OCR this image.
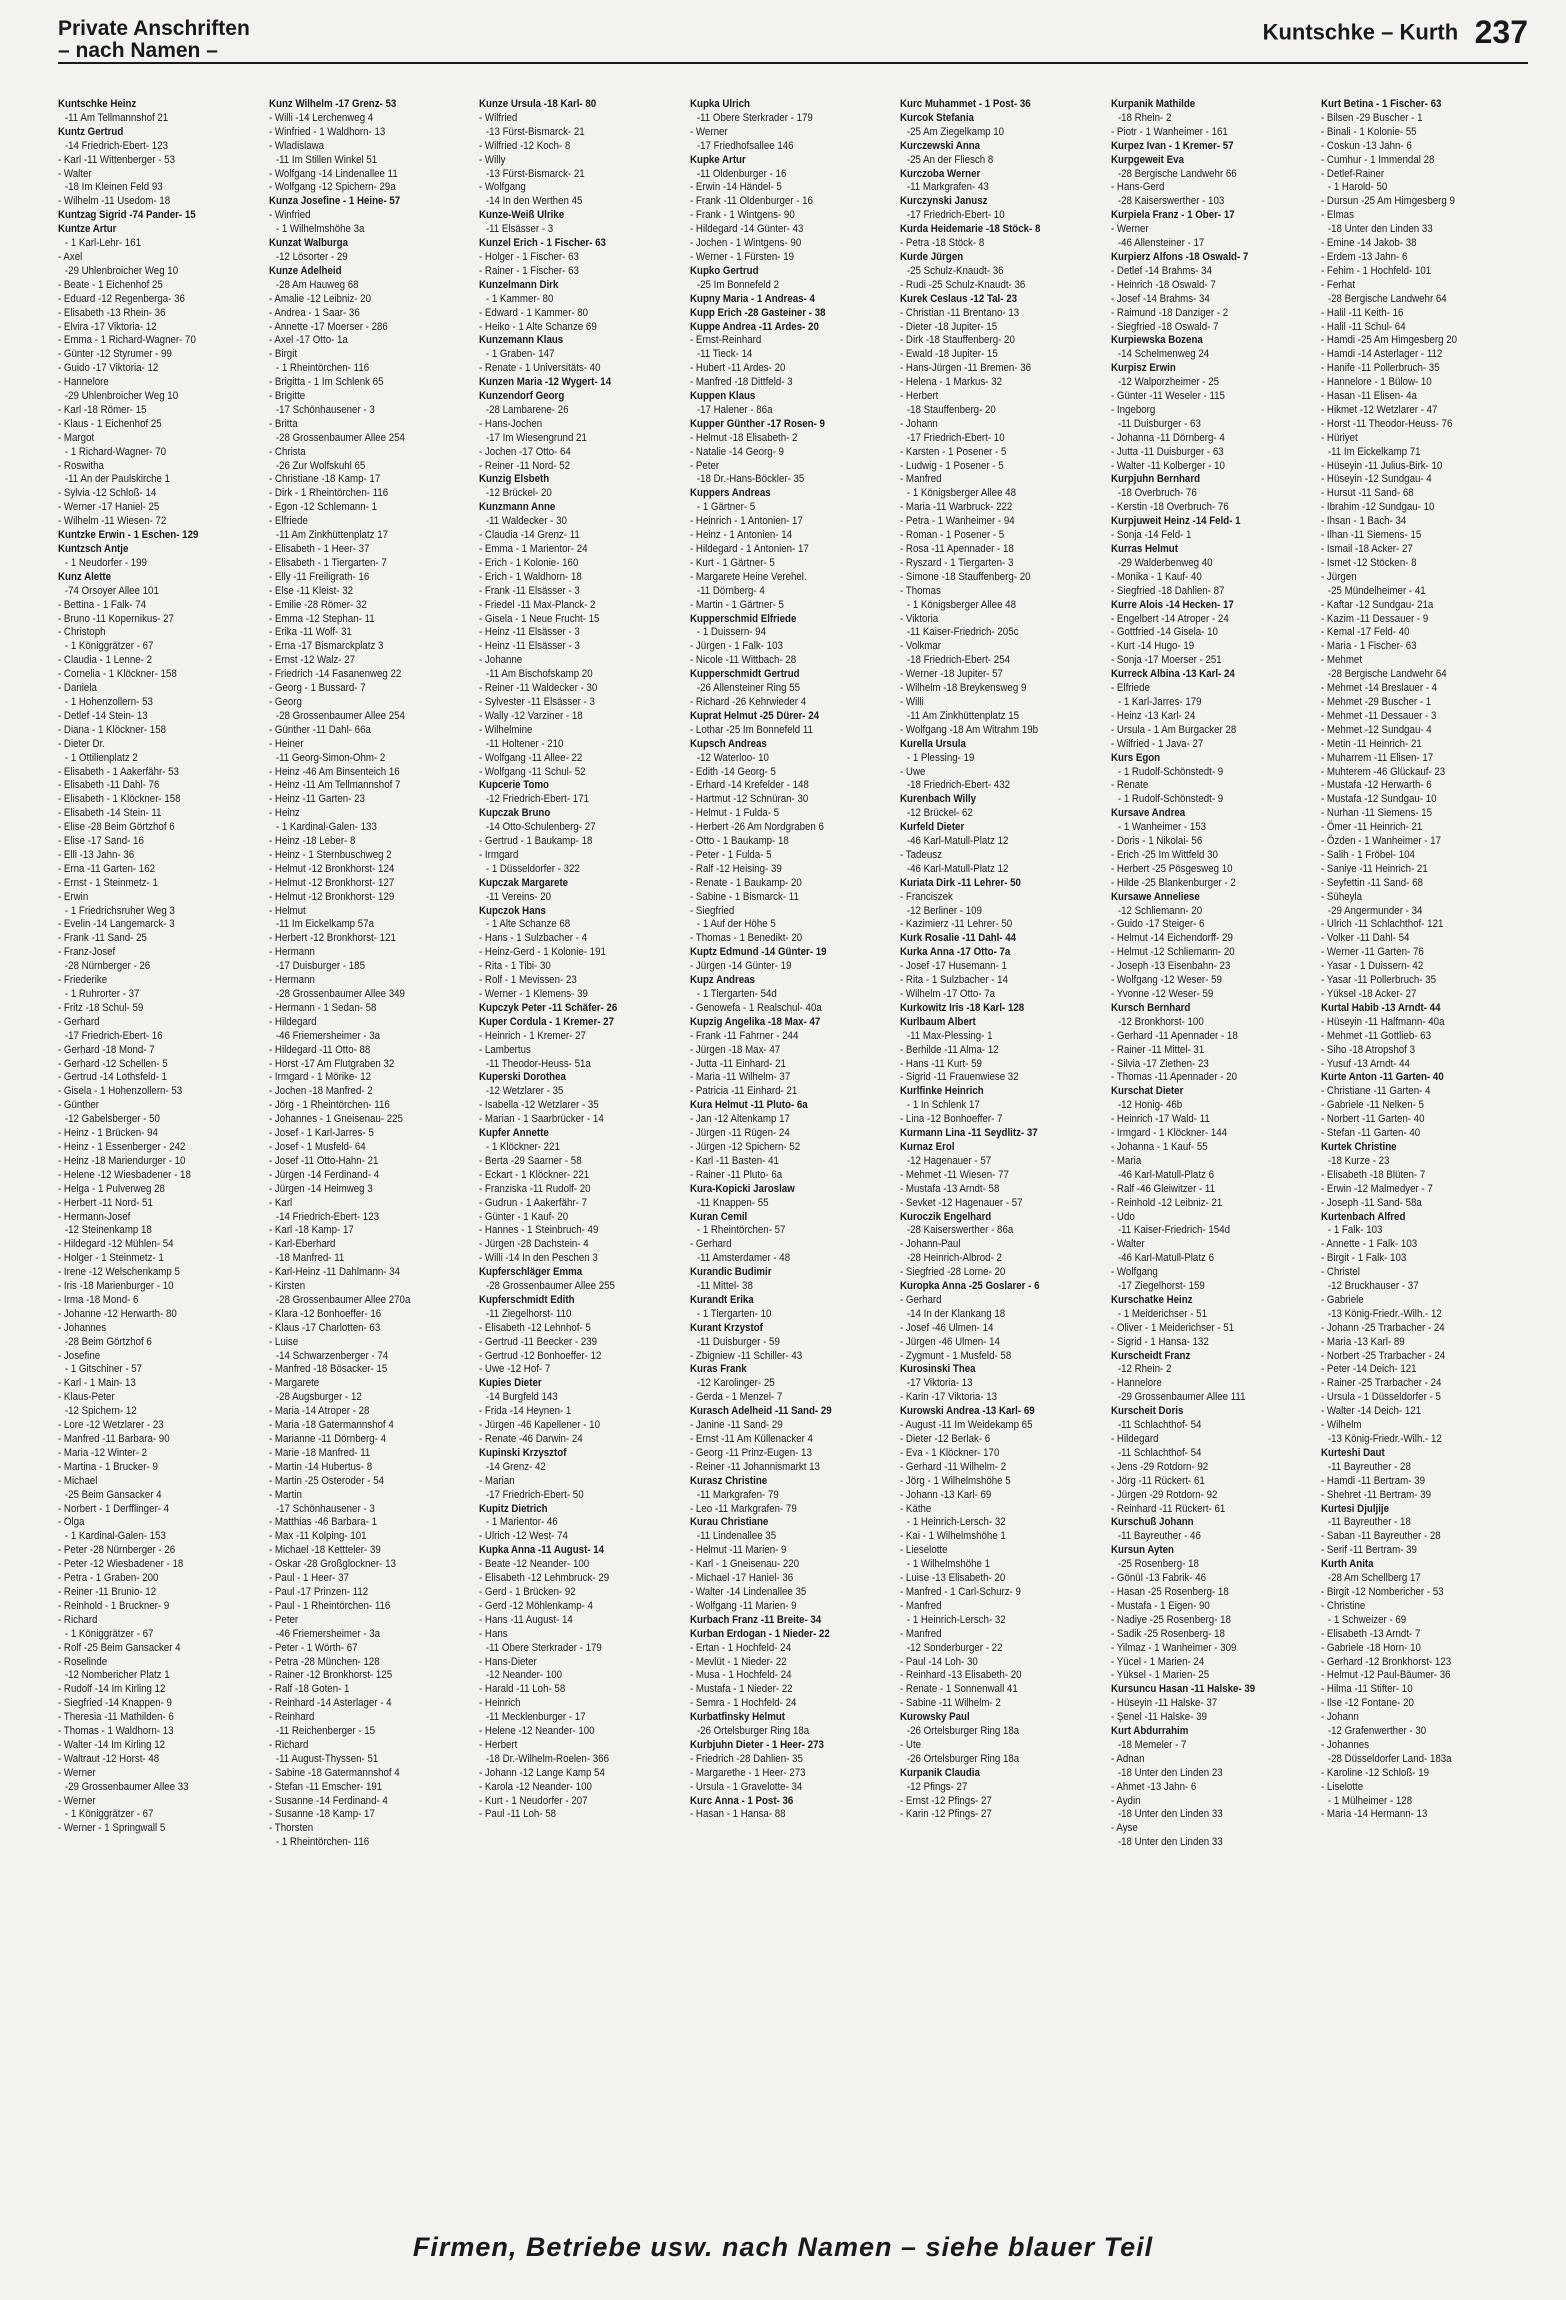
Private Anschriften
– nach Namen –
Kuntschke – Kurth 237
Kuntschke Heinz
-11 Am Tellmannshof 21
Kuntz Gertrud
-14 Friedrich-Ebert- 123
- Karl -11 Wittenberger - 53
- Walter
-18 Im Kleinen Feld 93
- Wilhelm -11 Usedom- 18
Kuntzag Sigrid -74 Pander- 15
Kuntze Artur
- 1 Karl-Lehr- 161
- Axel
-29 Uhlenbroicher Weg 10
- Beate - 1 Eichenhof 25
- Eduard -12 Regenberga- 36
- Elisabeth -13 Rhein- 36
- Elvira -17 Viktoria- 12
- Emma - 1 Richard-Wagner- 70
- Günter -12 Styrumer - 99
- Guido -17 Viktoria- 12
- Hannelore
-29 Uhlenbroicher Weg 10
- Karl -18 Römer- 15
- Klaus - 1 Eichenhof 25
- Margot
- 1 Richard-Wagner- 70
- Roswitha
-11 An der Paulskirche 1
- Sylvia -12 Schloß- 14
- Werner -17 Haniel- 25
- Wilhelm -11 Wiesen- 72
Kuntzke Erwin - 1 Eschen- 129
Kuntzsch Antje
- 1 Neudorfer - 199
Kunz Alette
-74 Orsoyer Allee 101
- Bettina - 1 Falk- 74
- Bruno -11 Kopernikus- 27
- Christoph
- 1 Königgrätzer - 67
- Claudia - 1 Lenne- 2
- Cornelia - 1 Klöckner- 158
- Daniela
- 1 Hohenzollern- 53
- Detlef -14 Stein- 13
- Diana - 1 Klöckner- 158
- Dieter Dr.
- 1 Ottilienplatz 2
- Elisabeth - 1 Aakerfähr- 53
- Elisabeth -11 Dahl- 76
- Elisabeth - 1 Klöckner- 158
- Elisabeth -14 Stein- 11
- Elise -28 Beim Görtzhof 6
- Elise -17 Sand- 16
- Elli -13 Jahn- 36
- Erna -11 Garten- 162
- Ernst - 1 Steinmetz- 1
- Erwin
- 1 Friedrichsruher Weg 3
- Evelin -14 Langemarck- 3
- Frank -11 Sand- 25
- Franz-Josef
-28 Nürnberger - 26
- Friederike
- 1 Ruhrorter - 37
- Fritz -18 Schul- 59
- Gerhard
-17 Friedrich-Ebert- 16
- Gerhard -18 Mond- 7
- Gerhard -12 Schellen- 5
- Gertrud -14 Lothsfeld- 1
- Gisela - 1 Hohenzollern- 53
- Günther
-12 Gabelsberger - 50
- Heinz - 1 Brücken- 94
- Heinz - 1 Essenberger - 242
- Heinz -18 Mariendurger - 10
- Helene -12 Wiesbadener - 18
- Helga - 1 Pulverweg 28
- Herbert -11 Nord- 51
- Hermann-Josef
-12 Steinenkamp 18
- Hildegard -12 Mühlen- 54
- Holger - 1 Steinmetz- 1
- Irene -12 Welschenkamp 5
- Iris -18 Marienburger - 10
- Irma -18 Mond- 6
- Johanne -12 Herwarth- 80
- Johannes
-28 Beim Görtzhof 6
- Josefine
- 1 Gitschiner - 57
- Karl - 1 Main- 13
- Klaus-Peter
-12 Spichern- 12
- Lore -12 Wetzlarer - 23
- Manfred -11 Barbara- 90
- Maria -12 Winter- 2
- Martina - 1 Brucker- 9
- Michael
-25 Beim Gansacker 4
- Norbert - 1 Derfflinger- 4
- Olga
- 1 Kardinal-Galen- 153
- Peter -28 Nürnberger - 26
- Peter -12 Wiesbadener - 18
- Petra - 1 Graben- 200
- Reiner -11 Brunio- 12
- Reinhold - 1 Bruckner- 9
- Richard
- 1 Königgrätzer - 67
- Rolf -25 Beim Gansacker 4
- Roselinde
-12 Nombericher Platz 1
- Rudolf -14 Im Kirling 12
- Siegfried -14 Knappen- 9
- Theresia -11 Mathilden- 6
- Thomas - 1 Waldhorn- 13
- Walter -14 Im Kirling 12
- Waltraut -12 Horst- 48
- Werner
-29 Grossenbaumer Allee 33
- Werner
- 1 Königgrätzer - 67
- Werner - 1 Springwall 5
Kunz Wilhelm -17 Grenz- 53
- Willi -14 Lerchenweg 4
- Winfried - 1 Waldhorn- 13
- Wladislawa
-11 Im Stillen Winkel 51
- Wolfgang -14 Lindenallee 11
- Wolfgang -12 Spichern- 29a
Kunza Josefine - 1 Heine- 57
- Winfried
- 1 Wilhelmshöhe 3a
Kunzat Walburga
-12 Lösorter - 29
Kunze Adelheid
-28 Am Hauweg 68
- Amalie -12 Leibniz- 20
- Andrea - 1 Saar- 36
- Annette -17 Moerser - 286
- Axel -17 Otto- 1a
- Birgit
- 1 Rheintörchen- 116
- Brigitta - 1 Im Schlenk 65
- Brigitte
-17 Schönhausener - 3
- Britta
-28 Grossenbaumer Allee 254
- Christa
-26 Zur Wolfskuhl 65
- Christiane -18 Kamp- 17
- Dirk - 1 Rheintörchen- 116
- Egon -12 Schlemann- 1
- Elfriede
-11 Am Zinkhüttenplatz 17
- Elisabeth - 1 Heer- 37
- Elisabeth - 1 Tiergarten- 7
- Elly -11 Freiligrath- 16
- Else -11 Kleist- 32
- Emilie -28 Römer- 32
- Emma -12 Stephan- 11
- Erika -11 Wolf- 31
- Erna -17 Bismarckplatz 3
- Ernst -12 Walz- 27
- Friedrich -14 Fasanenweg 22
- Georg - 1 Bussard- 7
- Georg
-28 Grossenbaumer Allee 254
- Günther -11 Dahl- 66a
- Heiner
-11 Georg-Simon-Ohm- 2
- Heinz -46 Am Binsenteich 16
- Heinz -11 Am Tellmannshof 7
- Heinz -11 Garten- 23
- Heinz
- 1 Kardinal-Galen- 133
- Heinz -18 Leber- 8
- Heinz - 1 Sternbuschweg 2
- Helmut -12 Bronkhorst- 124
- Helmut -12 Bronkhorst- 127
- Helmut -12 Bronkhorst- 129
- Helmut
-11 Im Eickelkamp 57a
- Herbert -12 Bronkhorst- 121
- Hermann
-17 Duisburger - 185
- Hermann
-28 Grossenbaumer Allee 349
- Hermann - 1 Sedan- 58
- Hildegard
-46 Friemersheimer - 3a
- Hildegard -11 Otto- 88
- Horst -17 Am Flutgraben 32
- Irmgard - 1 Mörike- 12
- Jochen -18 Manfred- 2
- Jörg - 1 Rheintörchen- 116
- Johannes - 1 Gneisenau- 225
- Josef - 1 Karl-Jarres- 5
- Josef - 1 Musfeld- 64
- Josef -11 Otto-Hahn- 21
- Jürgen -14 Ferdinand- 4
- Jürgen -14 Heimweg 3
- Karl
-14 Friedrich-Ebert- 123
- Karl -18 Kamp- 17
- Karl-Eberhard
-18 Manfred- 11
- Karl-Heinz -11 Dahlmann- 34
- Kirsten
-28 Grossenbaumer Allee 270a
- Klara -12 Bonhoeffer- 16
- Klaus -17 Charlotten- 63
- Luise
-14 Schwarzenberger - 74
- Manfred -18 Bösacker- 15
- Margarete
-28 Augsburger - 12
- Maria -14 Atroper - 28
- Maria -18 Gatermannshof 4
- Marianne -11 Dörnberg- 4
- Marie -18 Manfred- 11
- Martin -14 Hubertus- 8
- Martin -25 Osteroder - 54
- Martin
-17 Schönhausener - 3
- Matthias -46 Barbara- 1
- Max -11 Kolping- 101
- Michael -18 Kettteler- 39
- Oskar -28 Großglockner- 13
- Paul - 1 Heer- 37
- Paul -17 Prinzen- 112
- Paul - 1 Rheintörchen- 116
- Peter
-46 Friemersheimer - 3a
- Peter - 1 Wörth- 67
- Petra -28 München- 128
- Rainer -12 Bronkhorst- 125
- Ralf -18 Goten- 1
- Reinhard -14 Asterlager - 4
- Reinhard
-11 Reichenberger - 15
- Richard
-11 August-Thyssen- 51
- Sabine -18 Gatermannshof 4
- Stefan -11 Emscher- 191
- Susanne -14 Ferdinand- 4
- Susanne -18 Kamp- 17
- Thorsten
- 1 Rheintörchen- 116
Kunze Ursula -18 Karl- 80
- Wilfried
-13 Fürst-Bismarck- 21
- Wilfried -12 Koch- 8
- Willy
-13 Fürst-Bismarck- 21
- Wolfgang
-14 In den Werthen 45
Kunze-Weiß Ulrike
-11 Elsässer - 3
Kunzel Erich - 1 Fischer- 63
- Holger - 1 Fischer- 63
- Rainer - 1 Fischer- 63
Kunzelmann Dirk
- 1 Kammer- 80
- Edward - 1 Kammer- 80
- Heiko - 1 Alte Schanze 69
Kunzemann Klaus
- 1 Graben- 147
- Renate - 1 Universitäts- 40
Kunzen Maria -12 Wygert- 14
Kunzendorf Georg
-28 Lambarene- 26
- Hans-Jochen
-17 Im Wiesengrund 21
- Jochen -17 Otto- 64
- Reiner -11 Nord- 52
Kunzig Elsbeth
-12 Brückel- 20
Kunzmann Anne
-11 Waldecker - 30
- Claudia -14 Grenz- 11
- Emma - 1 Marientor- 24
- Erich - 1 Kolonie- 160
- Erich - 1 Waldhorn- 18
- Frank -11 Elsässer - 3
- Friedel -11 Max-Planck- 2
- Gisela - 1 Neue Frucht- 15
- Heinz -11 Elsässer - 3
- Heinz -11 Elsässer - 3
- Johanne
-11 Am Bischofskamp 20
- Reiner -11 Waldecker - 30
- Sylvester -11 Elsässer - 3
- Wally -12 Varziner - 18
- Wilhelmine
-11 Holtener - 210
- Wolfgang -11 Allee- 22
- Wolfgang -11 Schul- 52
Kupcerie Tomo
-12 Friedrich-Ebert- 171
Kupczak Bruno
-14 Otto-Schulenberg- 27
- Gertrud - 1 Baukamp- 18
- Irmgard
- 1 Düsseldorfer - 322
Kupczak Margarete
-11 Vereins- 20
Kupczok Hans
- 1 Alte Schanze 68
- Hans - 1 Sulzbacher - 4
- Heinz-Gerd - 1 Kolonie- 191
- Rita - 1 Tibi- 30
- Rolf - 1 Mevissen- 23
- Werner - 1 Klemens- 39
Kupczyk Peter -11 Schäfer- 26
Kuper Cordula - 1 Kremer- 27
- Heinrich - 1 Kremer- 27
- Lambertus
-11 Theodor-Heuss- 51a
Kuperski Dorothea
-12 Wetzlarer - 35
- Isabella -12 Wetzlarer - 35
- Marian - 1 Saarbrücker - 14
Kupfer Annette
- 1 Klöckner- 221
- Berta -29 Saarner - 58
- Eckart - 1 Klöckner- 221
- Franziska -11 Rudolf- 20
- Gudrun - 1 Aakerfähr- 7
- Günter - 1 Kauf- 20
- Hannes - 1 Steinbruch- 49
- Jürgen -28 Dachstein- 4
- Willi -14 In den Peschen 3
Kupferschläger Emma
-28 Grossenbaumer Allee 255
Kupferschmidt Edith
-11 Ziegelhorst- 110
- Elisabeth -12 Lehnhof- 5
- Gertrud -11 Beecker - 239
- Gertrud -12 Bonhoeffer- 12
- Uwe -12 Hof- 7
Kupies Dieter
-14 Burgfeld 143
- Frida -14 Heynen- 1
- Jürgen -46 Kapellener - 10
- Renate -46 Darwin- 24
Kupinski Krzysztof
-14 Grenz- 42
- Marian
-17 Friedrich-Ebert- 50
Kupitz Dietrich
- 1 Marientor- 46
- Ulrich -12 West- 74
Kupka Anna -11 August- 14
- Beate -12 Neander- 100
- Elisabeth -12 Lehmbruck- 29
- Gerd - 1 Brücken- 92
- Gerd -12 Möhlenkamp- 4
- Hans -11 August- 14
- Hans
-11 Obere Sterkrader - 179
- Hans-Dieter
-12 Neander- 100
- Harald -11 Loh- 58
- Heinrich
-11 Mecklenburger - 17
- Helene -12 Neander- 100
- Herbert
-18 Dr.-Wilhelm-Roelen- 366
- Johann -12 Lange Kamp 54
- Karola -12 Neander- 100
- Kurt - 1 Neudorfer - 207
- Paul -11 Loh- 58
Kupka Ulrich
-11 Obere Sterkrader - 179
- Werner
-17 Friedhofsallee 146
Kupke Artur
-11 Oldenburger - 16
- Erwin -14 Händel- 5
- Frank -11 Oldenburger - 16
- Frank - 1 Wintgens- 90
- Hildegard -14 Günter- 43
- Jochen - 1 Wintgens- 90
- Werner - 1 Fürsten- 19
Kupko Gertrud
-25 Im Bonnefeld 2
Kupny Maria - 1 Andreas- 4
Kupp Erich -28 Gasteiner - 38
Kuppe Andrea -11 Ardes- 20
- Ernst-Reinhard
-11 Tieck- 14
- Hubert -11 Ardes- 20
- Manfred -18 Dittfeld- 3
Kuppen Klaus
-17 Halener - 86a
Kupper Günther -17 Rosen- 9
- Helmut -18 Elisabeth- 2
- Natalie -14 Georg- 9
- Peter
-18 Dr.-Hans-Böckler- 35
Kuppers Andreas
- 1 Gärtner- 5
- Heinrich - 1 Antonien- 17
- Heinz - 1 Antonien- 14
- Hildegard - 1 Antonien- 17
- Kurt - 1 Gärtner- 5
- Margarete Heine Verehel.
-11 Dörnberg- 4
- Martin - 1 Gärtner- 5
Kupperschmid Elfriede
- 1 Duissern- 94
- Jürgen - 1 Falk- 103
- Nicole -11 Wittbach- 28
Kupperschmidt Gertrud
-26 Allensteiner Ring 55
- Richard -26 Kehrwieder 4
Kuprat Helmut -25 Dürer- 24
- Lothar -25 Im Bonnefeld 11
Kupsch Andreas
-12 Waterloo- 10
- Edith -14 Georg- 5
- Erhard -14 Krefelder - 148
- Hartmut -12 Schnüran- 30
- Helmut - 1 Fulda- 5
- Herbert -26 Am Nordgraben 6
- Otto - 1 Baukamp- 18
- Peter - 1 Fulda- 5
- Ralf -12 Heising- 39
- Renate - 1 Baukamp- 20
- Sabine - 1 Bismarck- 11
- Siegfried
- 1 Auf der Höhe 5
- Thomas - 1 Benedikt- 20
Kuptz Edmund -14 Günter- 19
- Jürgen -14 Günter- 19
Kupz Andreas
- 1 Tiergarten- 54d
- Genowefa - 1 Realschul- 40a
Kupzig Angelika -18 Max- 47
- Frank -11 Fahrner - 244
- Jürgen -18 Max- 47
- Jutta -11 Einhard- 21
- Maria -11 Wilhelm- 37
- Patricia -11 Einhard- 21
Kura Helmut -11 Pluto- 6a
- Jan -12 Altenkamp 17
- Jürgen -11 Rügen- 24
- Jürgen -12 Spichern- 52
- Karl -11 Basten- 41
- Rainer -11 Pluto- 6a
Kura-Kopicki Jaroslaw
-11 Knappen- 55
Kuran Cemil
- 1 Rheintörchen- 57
- Gerhard
-11 Amsterdamer - 48
Kurandic Budimir
-11 Mittel- 38
Kurandt Erika
- 1 Tiergarten- 10
Kurant Krzystof
-11 Duisburger - 59
- Zbigniew -11 Schiller- 43
Kuras Frank
-12 Karolinger- 25
- Gerda - 1 Menzel- 7
Kurasch Adelheid -11 Sand- 29
- Janine -11 Sand- 29
- Ernst -11 Am Küllenacker 4
- Georg -11 Prinz-Eugen- 13
- Reiner -11 Johannismarkt 13
Kurasz Christine
-11 Markgrafen- 79
- Leo -11 Markgrafen- 79
Kurau Christiane
-11 Lindenallee 35
- Helmut -11 Marien- 9
- Karl - 1 Gneisenau- 220
- Michael -17 Haniel- 36
- Walter -14 Lindenallee 35
- Wolfgang -11 Marien- 9
Kurbach Franz -11 Breite- 34
Kurban Erdogan - 1 Nieder- 22
- Ertan - 1 Hochfeld- 24
- Mevlüt - 1 Nieder- 22
- Musa - 1 Hochfeld- 24
- Mustafa - 1 Nieder- 22
- Semra - 1 Hochfeld- 24
Kurbatfinsky Helmut
-26 Ortelsburger Ring 18a
Kurbjuhn Dieter - 1 Heer- 273
- Friedrich -28 Dahlien- 35
- Margarethe - 1 Heer- 273
- Ursula - 1 Gravelotte- 34
Kurc Anna - 1 Post- 36
- Hasan - 1 Hansa- 88
Kurc Muhammet - 1 Post- 36
Kurcok Stefania
-25 Am Ziegelkamp 10
Kurczewski Anna
-25 An der Fliesch 8
Kurczoba Werner
-11 Markgrafen- 43
Kurczynski Janusz
-17 Friedrich-Ebert- 10
Kurda Heidemarie -18 Stöck- 8
- Petra -18 Stöck- 8
Kurde Jürgen
-25 Schulz-Knaudt- 36
- Rudi -25 Schulz-Knaudt- 36
Kurek Ceslaus -12 Tal- 23
- Christian -11 Brentano- 13
- Dieter -18 Jupiter- 15
- Dirk -18 Stauffenberg- 20
- Ewald -18 Jupiter- 15
- Hans-Jürgen -11 Bremen- 36
- Helena - 1 Markus- 32
- Herbert
-18 Stauffenberg- 20
- Johann
-17 Friedrich-Ebert- 10
- Karsten - 1 Posener - 5
- Ludwig - 1 Posener - 5
- Manfred
- 1 Königsberger Allee 48
- Maria -11 Warbruck- 222
- Petra - 1 Wanheimer - 94
- Roman - 1 Posener - 5
- Rosa -11 Apennader - 18
- Ryszard - 1 Tiergarten- 3
- Simone -18 Stauffenberg- 20
- Thomas
- 1 Königsberger Allee 48
- Viktoria
-11 Kaiser-Friedrich- 205c
- Volkmar
-18 Friedrich-Ebert- 254
- Werner -18 Jupiter- 57
- Wilhelm -18 Breykensweg 9
- Willi
-11 Am Zinkhüttenplatz 15
- Wolfgang -18 Am Witrahm 19b
Kurella Ursula
- 1 Plessing- 19
- Uwe
-18 Friedrich-Ebert- 432
Kurenbach Willy
-12 Brückel- 62
Kurfeld Dieter
-46 Karl-Matull-Platz 12
- Tadeusz
-46 Karl-Matull-Platz 12
Kuriata Dirk -11 Lehrer- 50
- Franciszek
-12 Berliner - 109
- Kazimierz -11 Lehrer- 50
Kurk Rosalie -11 Dahl- 44
Kurka Anna -17 Otto- 7a
- Josef -17 Husemann- 1
- Rita - 1 Sulzbacher - 14
- Wilhelm -17 Otto- 7a
Kurkowitz Iris -18 Karl- 128
Kurlbaum Albert
-11 Max-Plessing- 1
- Berhilde -11 Alma- 12
- Hans -11 Kurt- 59
- Sigrid -11 Frauenwiese 32
Kurlfinke Heinrich
- 1 In Schlenk 17
- Lina -12 Bonhoeffer- 7
Kurmann Lina -11 Seydlitz- 37
Kurnaz Erol
-12 Hagenauer - 57
- Mehmet -11 Wiesen- 77
- Mustafa -13 Arndt- 58
- Sevket -12 Hagenauer - 57
Kuroczik Engelhard
-28 Kaiserswerther - 86a
- Johann-Paul
-28 Heinrich-Albrod- 2
- Siegfried -28 Lorne- 20
Kuropka Anna -25 Goslarer - 6
- Gerhard
-14 In der Klankang 18
- Josef -46 Ulmen- 14
- Jürgen -46 Ulmen- 14
- Zygmunt - 1 Musfeld- 58
Kurosinski Thea
-17 Viktoria- 13
- Karin -17 Viktoria- 13
Kurowski Andrea -13 Karl- 69
- August -11 Im Weidekamp 65
- Dieter -12 Berlak- 6
- Eva - 1 Klöckner- 170
- Gerhard -11 Wilhelm- 2
- Jörg - 1 Wilhelmshöhe 5
- Johann -13 Karl- 69
- Käthe
- 1 Heinrich-Lersch- 32
- Kai - 1 Wilhelmshöhe 1
- Lieselotte
- 1 Wilhelmshöhe 1
- Luise -13 Elisabeth- 20
- Manfred - 1 Carl-Schurz- 9
- Manfred
- 1 Heinrich-Lersch- 32
- Manfred
-12 Sonderburger - 22
- Paul -14 Loh- 30
- Reinhard -13 Elisabeth- 20
- Renate - 1 Sonnenwall 41
- Sabine -11 Wilhelm- 2
Kurowsky Paul
-26 Ortelsburger Ring 18a
- Ute
-26 Ortelsburger Ring 18a
Kurpanik Claudia
-12 Pfings- 27
- Ernst -12 Pfings- 27
- Karin -12 Pfings- 27
Kurpanik Mathilde
-18 Rhein- 2
- Piotr - 1 Wanheimer - 161
Kurpez Ivan - 1 Kremer- 57
Kurpgeweit Eva
-28 Bergische Landwehr 66
- Hans-Gerd
-28 Kaiserswerther - 103
Kurpiela Franz - 1 Ober- 17
- Werner
-46 Allensteiner - 17
Kurpierz Alfons -18 Oswald- 7
- Detlef -14 Brahms- 34
- Heinrich -18 Oswald- 7
- Josef -14 Brahms- 34
- Raimund -18 Danziger - 2
- Siegfried -18 Oswald- 7
Kurpiewska Bozena
-14 Schelmenweg 24
Kurpisz Erwin
-12 Walporzheimer - 25
- Günter -11 Weseler - 115
- Ingeborg
-11 Duisburger - 63
- Johanna -11 Dörnberg- 4
- Jutta -11 Duisburger - 63
- Walter -11 Kolberger - 10
Kurpjuhn Bernhard
-18 Overbruch- 76
- Kerstin -18 Overbruch- 76
Kurpjuweit Heinz -14 Feld- 1
- Sonja -14 Feld- 1
Kurras Helmut
-29 Walderbenweg 40
- Monika - 1 Kauf- 40
- Siegfried -18 Dahlien- 87
Kurre Alois -14 Hecken- 17
- Engelbert -14 Atroper - 24
- Gottfried -14 Gisela- 10
- Kurt -14 Hugo- 19
- Sonja -17 Moerser - 251
Kurreck Albina -13 Karl- 24
- Elfriede
- 1 Karl-Jarres- 179
- Heinz -13 Karl- 24
- Ursula - 1 Am Burgacker 28
- Wilfried - 1 Java- 27
Kurs Egon
- 1 Rudolf-Schönstedt- 9
- Renate
- 1 Rudolf-Schönstedt- 9
Kursave Andrea
- 1 Wanheimer - 153
- Doris - 1 Nikolai- 56
- Erich -25 Im Wittfeld 30
- Herbert -25 Pösgesweg 10
- Hilde -25 Blankenburger - 2
Kursawe Anneliese
-12 Schliemann- 20
- Guido -17 Steiger- 6
- Helmut -14 Eichendorff- 29
- Helmut -12 Schliemann- 20
- Joseph -13 Eisenbahn- 23
- Wolfgang -12 Weser- 59
- Yvonne -12 Weser- 59
Kursch Bernhard
-12 Bronkhorst- 100
- Gerhard -11 Apennader - 18
- Rainer -11 Mittel- 31
- Silvia -17 Ziethen- 23
- Thomas -11 Apennader - 20
Kurschat Dieter
-12 Honig- 46b
- Heinrich -17 Wald- 11
- Irmgard - 1 Klöckner- 144
- Johanna - 1 Kauf- 55
- Maria
-46 Karl-Matull-Platz 6
- Ralf -46 Gleiwitzer - 11
- Reinhold -12 Leibniz- 21
- Udo
-11 Kaiser-Friedrich- 154d
- Walter
-46 Karl-Matull-Platz 6
- Wolfgang
-17 Ziegelhorst- 159
Kurschatke Heinz
- 1 Meiderichser - 51
- Oliver - 1 Meiderichser - 51
- Sigrid - 1 Hansa- 132
Kurscheidt Franz
-12 Rhein- 2
- Hannelore
-29 Grossenbaumer Allee 111
Kurscheit Doris
-11 Schlachthof- 54
- Hildegard
-11 Schlachthof- 54
- Jens -29 Rotdorn- 92
- Jörg -11 Rückert- 61
- Jürgen -29 Rotdorn- 92
- Reinhard -11 Rückert- 61
Kurschuß Johann
-11 Bayreuther - 46
Kursun Ayten
-25 Rosenberg- 18
- Gönül -13 Fabrik- 46
- Hasan -25 Rosenberg- 18
- Mustafa - 1 Eigen- 90
- Nadiye -25 Rosenberg- 18
- Sadik -25 Rosenberg- 18
- Yilmaz - 1 Wanheimer - 309
- Yücel - 1 Marien- 24
- Yüksel - 1 Marien- 25
Kursuncu Hasan -11 Halske- 39
- Hüseyin -11 Halske- 37
- Şenel -11 Halske- 39
Kurt Abdurrahim
-18 Memeler - 7
- Adnan
-18 Unter den Linden 23
- Ahmet -13 Jahn- 6
- Aydin
-18 Unter den Linden 33
- Ayse
-18 Unter den Linden 33
Kurt Betina - 1 Fischer- 63
- Bilsen -29 Buscher - 1
- Binali - 1 Kolonie- 55
- Coskun -13 Jahn- 6
- Cumhur - 1 Immendal 28
- Detlef-Rainer
- 1 Harold- 50
- Dursun -25 Am Himgesberg 9
- Elmas
-18 Unter den Linden 33
- Emine -14 Jakob- 38
- Erdem -13 Jahn- 6
- Fehim - 1 Hochfeld- 101
- Ferhat
-28 Bergische Landwehr 64
- Halil -11 Keith- 16
- Halil -11 Schul- 64
- Hamdi -25 Am Himgesberg 20
- Hamdi -14 Asterlager - 112
- Hanife -11 Pollerbruch- 35
- Hannelore - 1 Bülow- 10
- Hasan -11 Elisen- 4a
- Hikmet -12 Wetzlarer - 47
- Horst -11 Theodor-Heuss- 76
- Hüriyet
-11 Im Eickelkamp 71
- Hüseyin -11 Julius-Birk- 10
- Hüseyin -12 Sundgau- 4
- Hursut -11 Sand- 68
- Ibrahim -12 Sundgau- 10
- Ihsan - 1 Bach- 34
- Ilhan -11 Siemens- 15
- Ismail -18 Acker- 27
- Ismet -12 Stöcken- 8
- Jürgen
-25 Mündelheimer - 41
- Kaftar -12 Sundgau- 21a
- Kazim -11 Dessauer - 9
- Kemal -17 Feld- 40
- Maria - 1 Fischer- 63
- Mehmet
-28 Bergische Landwehr 64
- Mehmet -14 Breslauer - 4
- Mehmet -29 Buscher - 1
- Mehmet -11 Dessauer - 3
- Mehmet -12 Sundgau- 4
- Metin -11 Heinrich- 21
- Muharrem -11 Elisen- 17
- Muhterem -46 Glückauf- 23
- Mustafa -12 Herwarth- 6
- Mustafa -12 Sundgau- 10
- Nurhan -11 Siemens- 15
- Ömer -11 Heinrich- 21
- Özden - 1 Wanheimer - 17
- Salih - 1 Fröbel- 104
- Saniye -11 Heinrich- 21
- Seyfettin -11 Sand- 68
- Süheyla
-29 Angermunder - 34
- Ulrich -11 Schlachthof- 121
- Volker -11 Dahl- 54
- Werner -11 Garten- 76
- Yasar - 1 Duissern- 42
- Yasar -11 Pollerbruch- 35
- Yüksel -18 Acker- 27
Kurtal Habib -13 Arndt- 44
- Hüseyin -11 Halfmann- 40a
- Mehmet -11 Gottlieb- 63
- Siho -18 Atropshof 3
- Yusuf -13 Arndt- 44
Kurte Anton -11 Garten- 40
- Christiane -11 Garten- 4
- Gabriele -11 Nelken- 5
- Norbert -11 Garten- 40
- Stefan -11 Garten- 40
Kurtek Christine
-18 Kurze - 23
- Elisabeth -18 Blüten- 7
- Erwin -12 Malmedyer - 7
- Joseph -11 Sand- 58a
Kurtenbach Alfred
- 1 Falk- 103
- Annette - 1 Falk- 103
- Birgit - 1 Falk- 103
- Christel
-12 Bruckhauser - 37
- Gabriele
-13 König-Friedr.-Wilh.- 12
- Johann -25 Trarbacher - 24
- Maria -13 Karl- 89
- Norbert -25 Trarbacher - 24
- Peter -14 Deich- 121
- Rainer -25 Trarbacher - 24
- Ursula - 1 Düsseldorfer - 5
- Walter -14 Deich- 121
- Wilhelm
-13 König-Friedr.-Wilh.- 12
Kurteshi Daut
-11 Bayreuther - 28
- Hamdi -11 Bertram- 39
- Shehret -11 Bertram- 39
Kurtesi Djuljije
-11 Bayreuther - 18
- Saban -11 Bayreuther - 28
- Serif -11 Bertram- 39
Kurth Anita
-28 Am Schellberg 17
- Birgit -12 Nombericher - 53
- Christine
- 1 Schweizer - 69
- Elisabeth -13 Arndt- 7
- Gabriele -18 Horn- 10
- Gerhard -12 Bronkhorst- 123
- Helmut -12 Paul-Bäumer- 36
- Hilma -11 Stifter- 10
- Ilse -12 Fontane- 20
- Johann
-12 Grafenwerther - 30
- Johannes
-28 Düsseldorfer Land- 183a
- Karoline -12 Schloß- 19
- Liselotte
- 1 Mülheimer - 128
- Maria -14 Hermann- 13
Firmen, Betriebe usw. nach Namen – siehe blauer Teil
